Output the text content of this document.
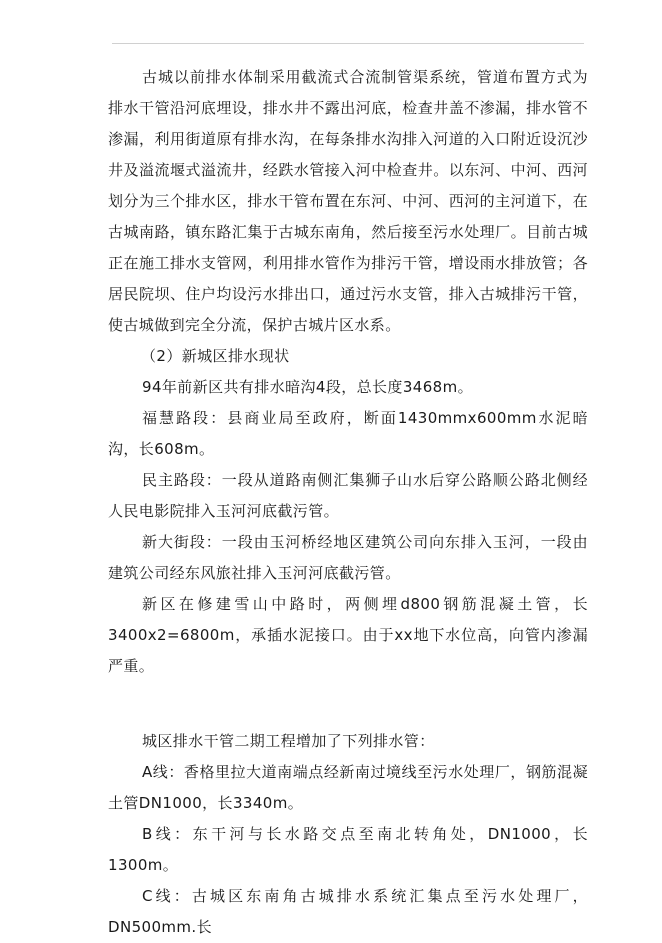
古城以前排水体制采用截流式合流制管渠系统，管道布置方式为排水干管沿河底埋设，排水井不露出河底，检查井盖不渗漏，排水管不渗漏，利用街道原有排水沟，在每条排水沟排入河道的入口附近设沉沙井及溢流堰式溢流井，经跌水管接入河中检查井。以东河、中河、西河划分为三个排水区，排水干管布置在东河、中河、西河的主河道下，在古城南路，镇东路汇集于古城东南角，然后接至污水处理厂。目前古城正在施工排水支管网，利用排水管作为排污干管，增设雨水排放管；各居民院坝、住户均设污水排出口，通过污水支管，排入古城排污干管，使古城做到完全分流，保护古城片区水系。

（2）新城区排水现状

94年前新区共有排水暗沟4段，总长度3468m。

福慧路段：县商业局至政府，断面1430mmx600mm水泥暗沟，长608m。

民主路段：一段从道路南侧汇集狮子山水后穿公路顺公路北侧经人民电影院排入玉河河底截污管。

新大街段：一段由玉河桥经地区建筑公司向东排入玉河，一段由建筑公司经东风旅社排入玉河河底截污管。

新区在修建雪山中路时，两侧埋d800钢筋混凝土管，长3400x2=6800m，承插水泥接口。由于xx地下水位高，向管内渗漏严重。

城区排水干管二期工程增加了下列排水管：

A线：香格里拉大道南端点经新南过境线至污水处理厂，钢筋混凝土管DN1000，长3340m。

B线：东干河与长水路交点至南北转角处，DN1000，长1300m。

C线：古城区东南角古城排水系统汇集点至污水处理厂，DN500mm.长
